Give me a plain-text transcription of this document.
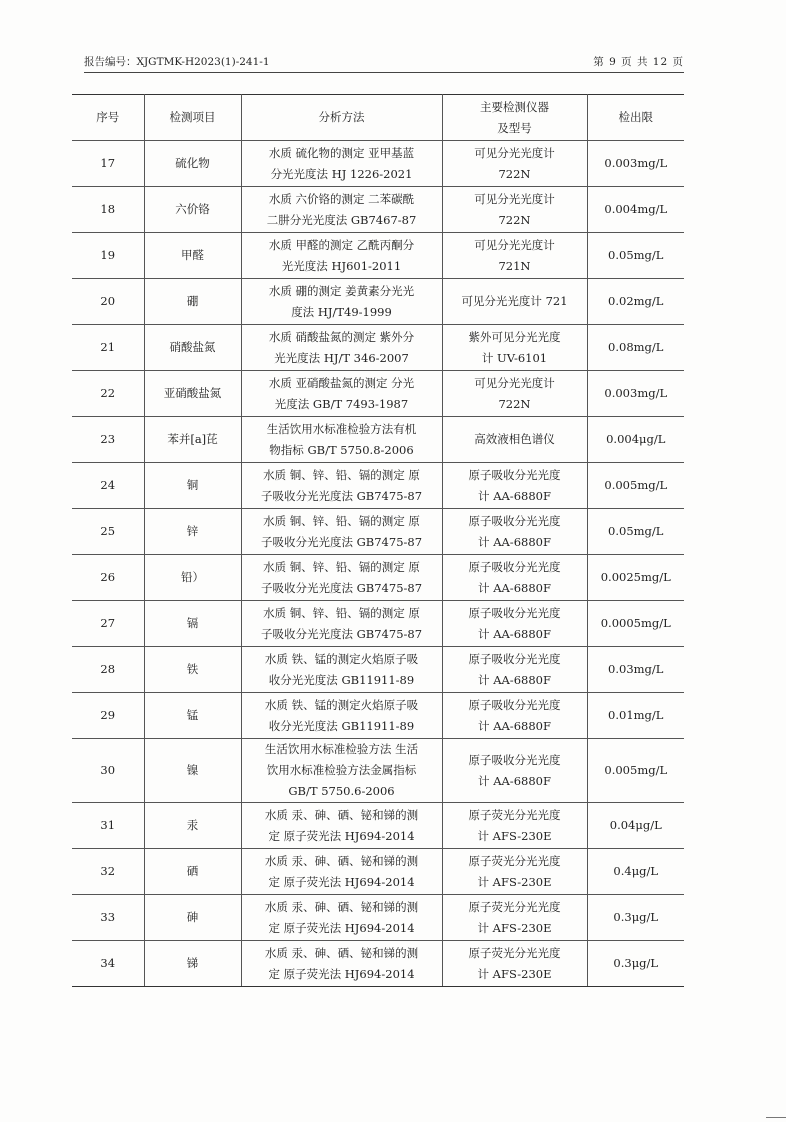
报告编号：XJGTMK-H2023(1)-241-1	第 9 页 共 12 页
序号	检测项目	分析方法	主要检测仪器
及型号	检出限
17	硫化物	水质 硫化物的测定 亚甲基蓝
分光光度法 HJ 1226-2021	可见分光光度计
722N	0.003mg/L
18	六价铬	水质 六价铬的测定 二苯碳酰
二肼分光光度法 GB7467-87	可见分光光度计
722N	0.004mg/L
19	甲醛	水质 甲醛的测定 乙酰丙酮分
光光度法 HJ601-2011	可见分光光度计
721N	0.05mg/L
20	硼	水质 硼的测定 姜黄素分光光
度法 HJ/T49-1999	可见分光光度计 721	0.02mg/L
21	硝酸盐氮	水质 硝酸盐氮的测定 紫外分
光光度法 HJ/T 346-2007	紫外可见分光光度
计 UV-6101	0.08mg/L
22	亚硝酸盐氮	水质 亚硝酸盐氮的测定 分光
光度法 GB/T 7493-1987	可见分光光度计
722N	0.003mg/L
23	苯并[a]芘	生活饮用水标准检验方法有机
物指标 GB/T 5750.8-2006	高效液相色谱仪	0.004μg/L
24	铜	水质 铜、锌、铅、镉的测定 原
子吸收分光光度法 GB7475-87	原子吸收分光光度
计 AA-6880F	0.005mg/L
25	锌	水质 铜、锌、铅、镉的测定 原
子吸收分光光度法 GB7475-87	原子吸收分光光度
计 AA-6880F	0.05mg/L
26	铅）	水质 铜、锌、铅、镉的测定 原
子吸收分光光度法 GB7475-87	原子吸收分光光度
计 AA-6880F	0.0025mg/L
27	镉	水质 铜、锌、铅、镉的测定 原
子吸收分光光度法 GB7475-87	原子吸收分光光度
计 AA-6880F	0.0005mg/L
28	铁	水质 铁、锰的测定火焰原子吸
收分光光度法 GB11911-89	原子吸收分光光度
计 AA-6880F	0.03mg/L
29	锰	水质 铁、锰的测定火焰原子吸
收分光光度法 GB11911-89	原子吸收分光光度
计 AA-6880F	0.01mg/L
30	镍	生活饮用水标准检验方法 生活
饮用水标准检验方法金属指标
GB/T 5750.6-2006	原子吸收分光光度
计 AA-6880F	0.005mg/L
31	汞	水质 汞、砷、硒、铋和锑的测
定 原子荧光法 HJ694-2014	原子荧光分光光度
计 AFS-230E	0.04μg/L
32	硒	水质 汞、砷、硒、铋和锑的测
定 原子荧光法 HJ694-2014	原子荧光分光光度
计 AFS-230E	0.4μg/L
33	砷	水质 汞、砷、硒、铋和锑的测
定 原子荧光法 HJ694-2014	原子荧光分光光度
计 AFS-230E	0.3μg/L
34	锑	水质 汞、砷、硒、铋和锑的测
定 原子荧光法 HJ694-2014	原子荧光分光光度
计 AFS-230E	0.3μg/L
